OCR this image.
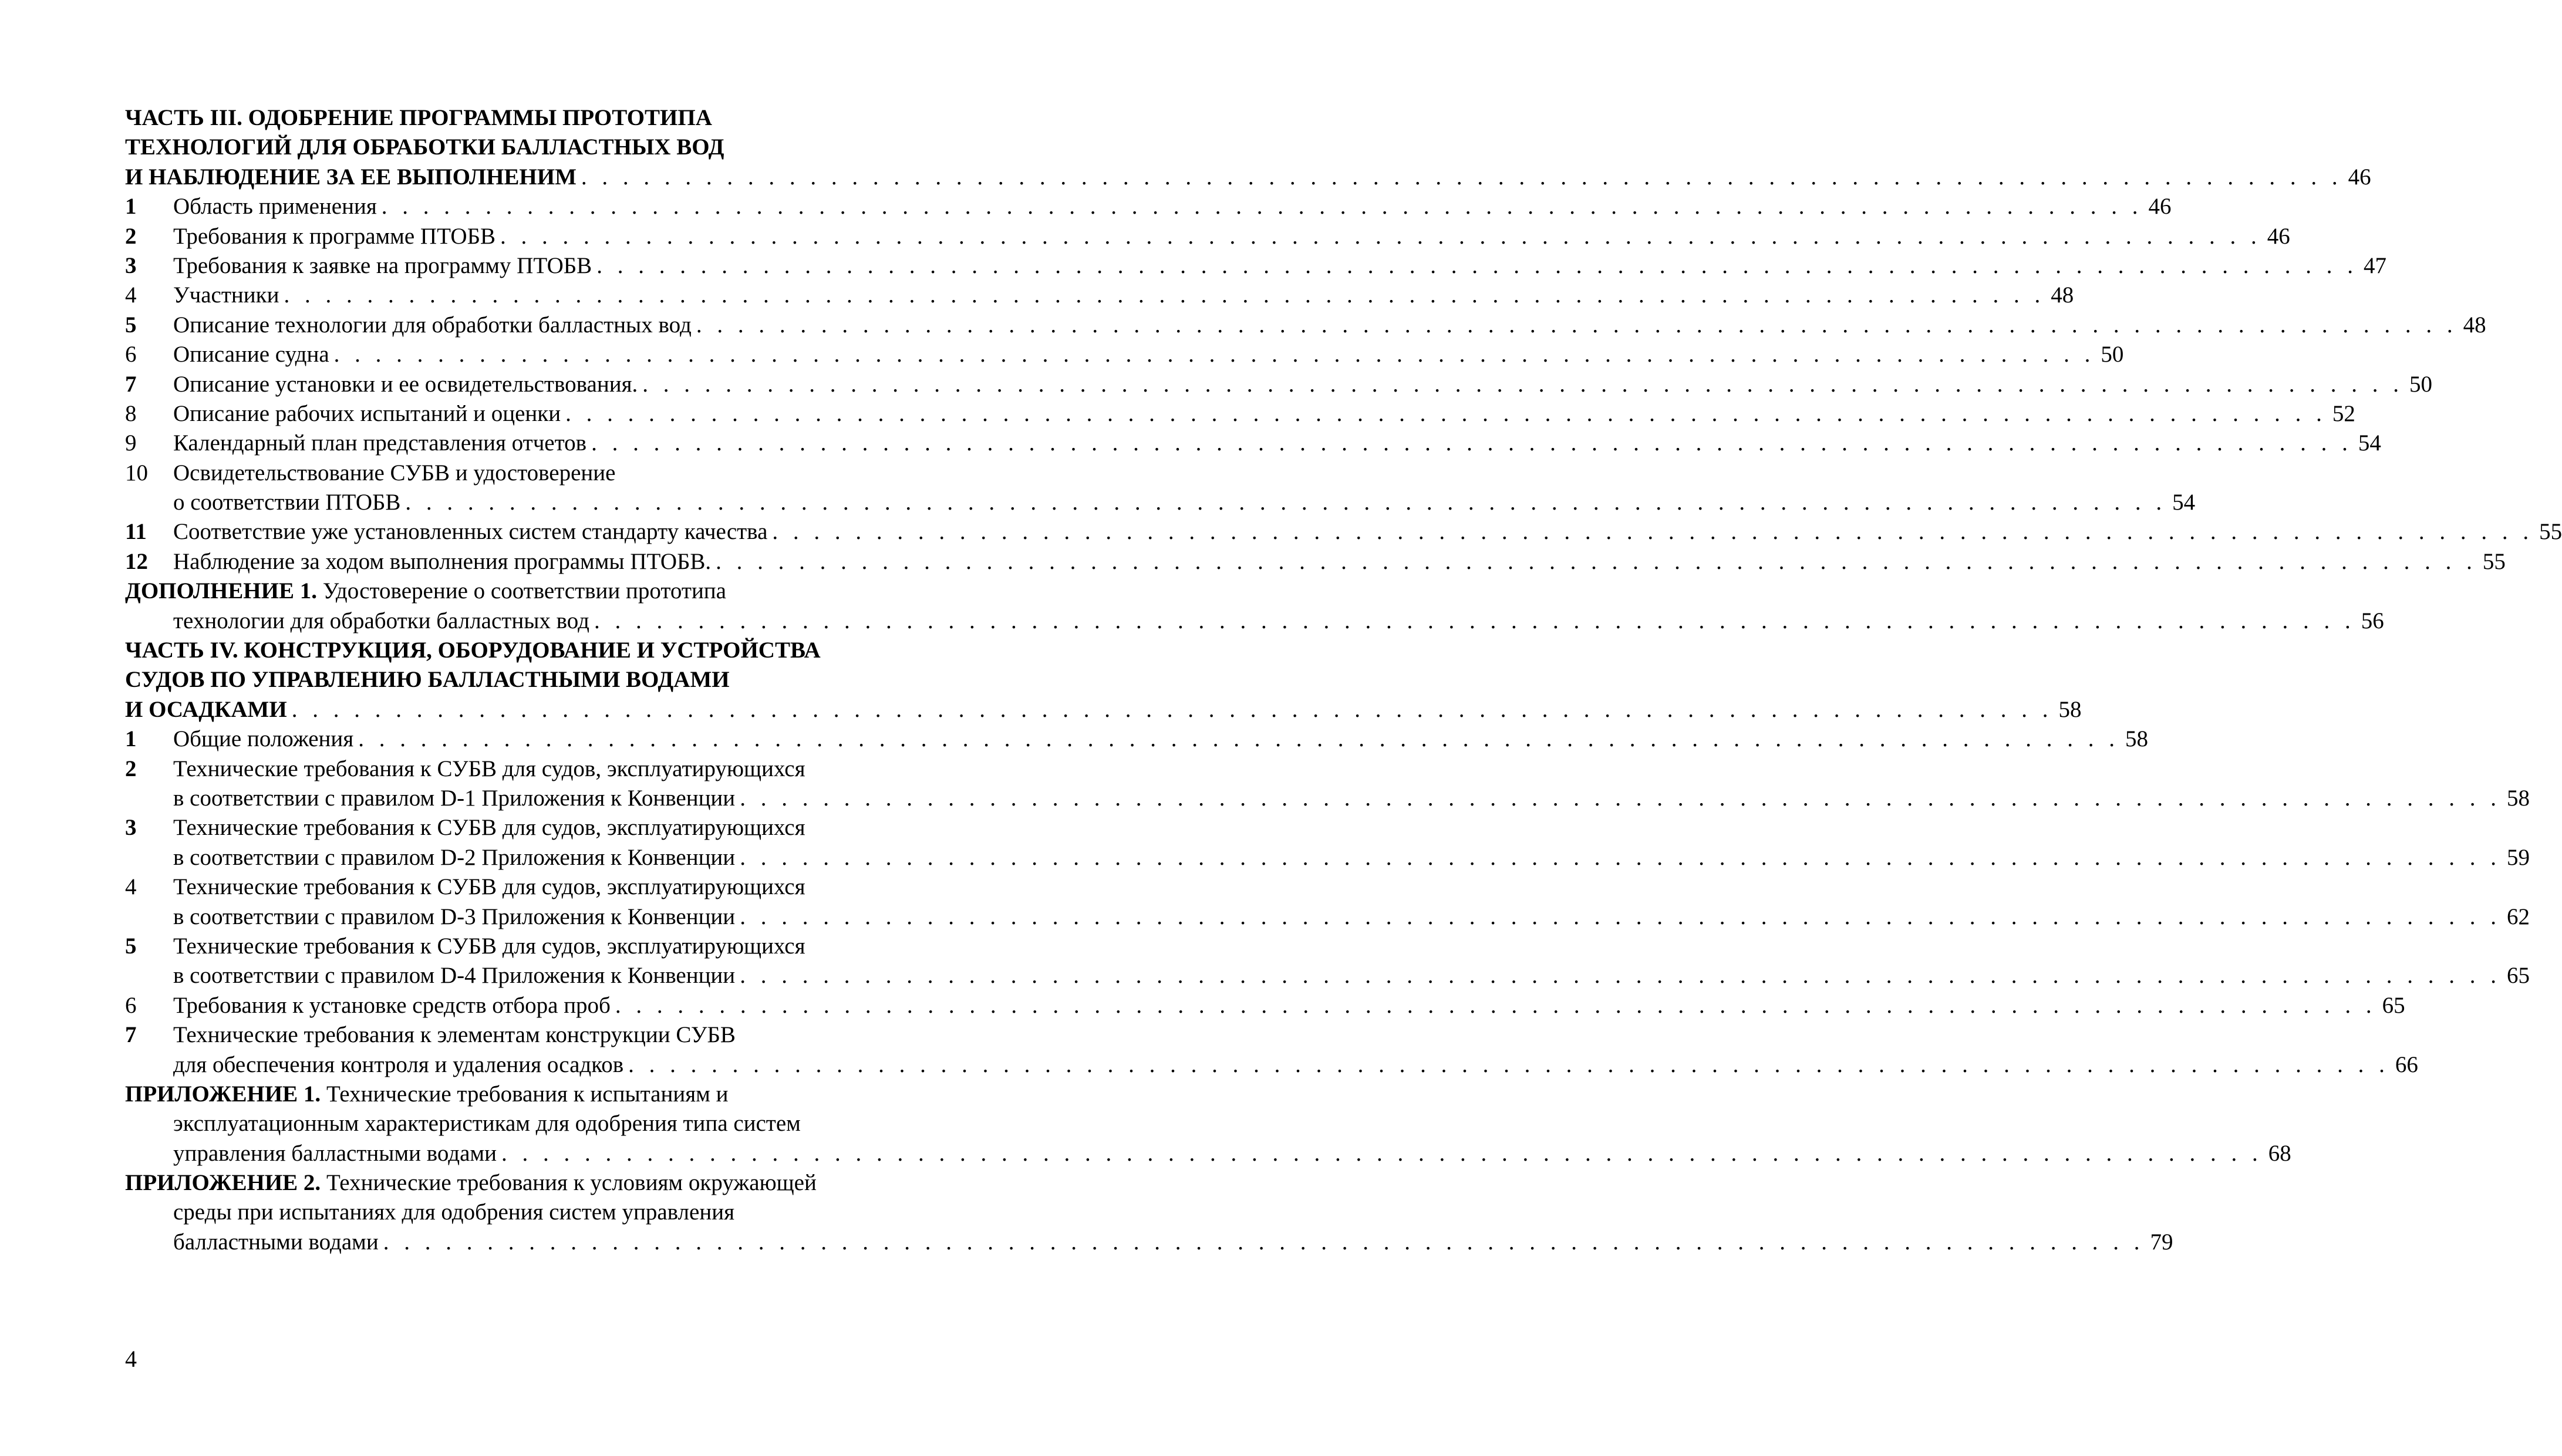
ЧАСТЬ III. ОДОБРЕНИЕ ПРОГРАММЫ ПРОТОТИПА
ТЕХНОЛОГИЙ ДЛЯ ОБРАБОТКИ БАЛЛАСТНЫХ ВОД
И НАБЛЮДЕНИЕ ЗА ЕЕ ВЫПОЛНЕНИМ . . . . . . . . . . . . . . . . . . . . . . . . . . . . . . . . . . . . . . . . . . . . . . . . . . . . . . . . . . . . . . . . . . . . . . . . . . . . . . . . . . . . . 46
1 Область применения . . . . . . . . . . . . . . . . . . . . . . . . . . . . . . . . . . . . . . . . . . . . . . . . . . . . . . . . . . . . . . . . . . . . . . . . . . . . . . . . . . . . . 46
2 Требования к программе ПТОБВ . . . . . . . . . . . . . . . . . . . . . . . . . . . . . . . . . . . . . . . . . . . . . . . . . . . . . . . . . . . . . . . . . . . . . . . . . . . . . . . . . . . . . 46
3 Требования к заявке на программу ПТОБВ . . . . . . . . . . . . . . . . . . . . . . . . . . . . . . . . . . . . . . . . . . . . . . . . . . . . . . . . . . . . . . . . . . . . . . . . . . . . . . . . . . . . . 47
4 Участники . . . . . . . . . . . . . . . . . . . . . . . . . . . . . . . . . . . . . . . . . . . . . . . . . . . . . . . . . . . . . . . . . . . . . . . . . . . . . . . . . . . . . 48
5 Описание технологии для обработки балластных вод . . . . . . . . . . . . . . . . . . . . . . . . . . . . . . . . . . . . . . . . . . . . . . . . . . . . . . . . . . . . . . . . . . . . . . . . . . . . . . . . . . . . . 48
6 Описание судна . . . . . . . . . . . . . . . . . . . . . . . . . . . . . . . . . . . . . . . . . . . . . . . . . . . . . . . . . . . . . . . . . . . . . . . . . . . . . . . . . . . . . 50
7 Описание установки и ее освидетельствования. . . . . . . . . . . . . . . . . . . . . . . . . . . . . . . . . . . . . . . . . . . . . . . . . . . . . . . . . . . . . . . . . . . . . . . . . . . . . . . . . . . . . . 50
8 Описание рабочих испытаний и оценки . . . . . . . . . . . . . . . . . . . . . . . . . . . . . . . . . . . . . . . . . . . . . . . . . . . . . . . . . . . . . . . . . . . . . . . . . . . . . . . . . . . . . 52
9 Календарный план представления отчетов . . . . . . . . . . . . . . . . . . . . . . . . . . . . . . . . . . . . . . . . . . . . . . . . . . . . . . . . . . . . . . . . . . . . . . . . . . . . . . . . . . . . . 54
10 Освидетельствование СУБВ и удостоверение
о соответствии ПТОБВ . . . . . . . . . . . . . . . . . . . . . . . . . . . . . . . . . . . . . . . . . . . . . . . . . . . . . . . . . . . . . . . . . . . . . . . . . . . . . . . . . . . . . 54
11 Соответствие уже установленных систем стандарту качества . . . . . . . . . . . . . . . . . . . . . . . . . . . . . . . . . . . . . . . . . . . . . . . . . . . . . . . . . . . . . . . . . . . . . . . . . . . . . . . . . . . . . 55
12 Наблюдение за ходом выполнения программы ПТОБВ. . . . . . . . . . . . . . . . . . . . . . . . . . . . . . . . . . . . . . . . . . . . . . . . . . . . . . . . . . . . . . . . . . . . . . . . . . . . . . . . . . . . . . 55
ДОПОЛНЕНИЕ 1. Удостоверение о соответствии прототипа
технологии для обработки балластных вод . . . . . . . . . . . . . . . . . . . . . . . . . . . . . . . . . . . . . . . . . . . . . . . . . . . . . . . . . . . . . . . . . . . . . . . . . . . . . . . . . . . . . 56
ЧАСТЬ IV. КОНСТРУКЦИЯ, ОБОРУДОВАНИЕ И УСТРОЙСТВА
СУДОВ ПО УПРАВЛЕНИЮ БАЛЛАСТНЫМИ ВОДАМИ
И ОСАДКАМИ . . . . . . . . . . . . . . . . . . . . . . . . . . . . . . . . . . . . . . . . . . . . . . . . . . . . . . . . . . . . . . . . . . . . . . . . . . . . . . . . . . . . . 58
1 Общие положения . . . . . . . . . . . . . . . . . . . . . . . . . . . . . . . . . . . . . . . . . . . . . . . . . . . . . . . . . . . . . . . . . . . . . . . . . . . . . . . . . . . . . 58
2 Технические требования к СУБВ для судов, эксплуатирующихся
в соответствии с правилом D-1 Приложения к Конвенции . . . . . . . . . . . . . . . . . . . . . . . . . . . . . . . . . . . . . . . . . . . . . . . . . . . . . . . . . . . . . . . . . . . . . . . . . . . . . . . . . . . . . 58
3 Технические требования к СУБВ для судов, эксплуатирующихся
в соответствии с правилом D-2 Приложения к Конвенции . . . . . . . . . . . . . . . . . . . . . . . . . . . . . . . . . . . . . . . . . . . . . . . . . . . . . . . . . . . . . . . . . . . . . . . . . . . . . . . . . . . . . 59
4 Технические требования к СУБВ для судов, эксплуатирующихся
в соответствии с правилом D-3 Приложения к Конвенции . . . . . . . . . . . . . . . . . . . . . . . . . . . . . . . . . . . . . . . . . . . . . . . . . . . . . . . . . . . . . . . . . . . . . . . . . . . . . . . . . . . . . 62
5 Технические требования к СУБВ для судов, эксплуатирующихся
в соответствии с правилом D-4 Приложения к Конвенции . . . . . . . . . . . . . . . . . . . . . . . . . . . . . . . . . . . . . . . . . . . . . . . . . . . . . . . . . . . . . . . . . . . . . . . . . . . . . . . . . . . . . 65
6 Требования к установке средств отбора проб . . . . . . . . . . . . . . . . . . . . . . . . . . . . . . . . . . . . . . . . . . . . . . . . . . . . . . . . . . . . . . . . . . . . . . . . . . . . . . . . . . . . . 65
7 Технические требования к элементам конструкции СУБВ
для обеспечения контроля и удаления осадков . . . . . . . . . . . . . . . . . . . . . . . . . . . . . . . . . . . . . . . . . . . . . . . . . . . . . . . . . . . . . . . . . . . . . . . . . . . . . . . . . . . . . 66
ПРИЛОЖЕНИЕ 1. Технические требования к испытаниям и
эксплуатационным характеристикам для одобрения типа систем
управления балластными водами . . . . . . . . . . . . . . . . . . . . . . . . . . . . . . . . . . . . . . . . . . . . . . . . . . . . . . . . . . . . . . . . . . . . . . . . . . . . . . . . . . . . . 68
ПРИЛОЖЕНИЕ 2. Технические требования к условиям окружающей
среды при испытаниях для одобрения систем управления
балластными водами . . . . . . . . . . . . . . . . . . . . . . . . . . . . . . . . . . . . . . . . . . . . . . . . . . . . . . . . . . . . . . . . . . . . . . . . . . . . . . . . . . . . . 79
4
